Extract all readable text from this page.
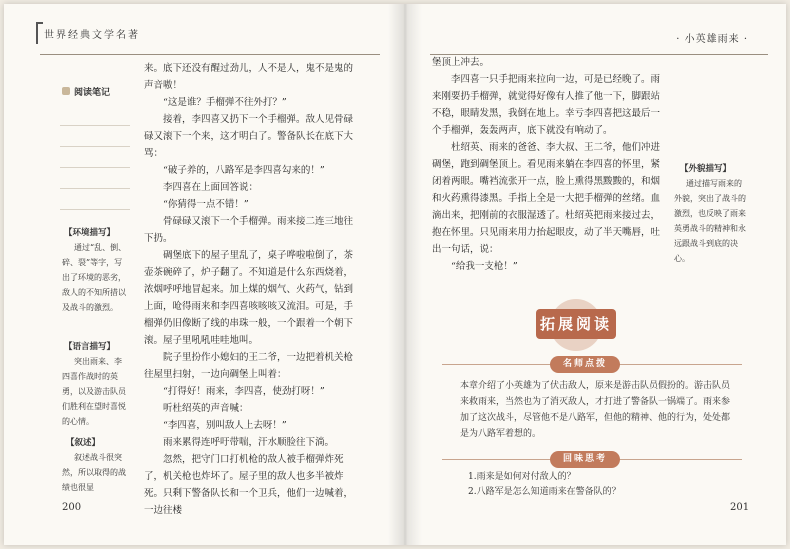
世界经典文学名著
阅读笔记
【 环境描写 】
通过“乱、倒、碎、裂”等字，写出了环境的恶劣，敌人的不知所措以及战斗的激烈。
【 语言描写 】
突出雨来、李四喜作战时的英勇，以及游击队员们胜利在望时喜悦的心情。
【 叙述 】
叙述战斗很突然，所以取得的战绩也很显

来。底下还没有醒过劲儿，人不是人，鬼不是鬼的声音嗷！

“这是谁？手榴弹不往外打？”

接着，李四喜又扔下一个手榴弹。敌人见骨碌碌又滚下一个来，这才明白了。警备队长在底下大骂：

“破子养的，八路军是李四喜勾来的！”

李四喜在上面回答说：

“你猜得一点不错！”

骨碌碌又滚下一个手榴弹。雨来接二连三地往下扔。

碉堡底下的屋子里乱了，桌子哗啦啦倒了，茶壶茶碗碎了，炉子翻了。不知道是什么东西烧着，浓烟呼呼地冒起来。加上煤的烟气、火药气，钻到上面，呛得雨来和李四喜咳咳咳又流泪。可是，手榴弹仍旧像断了线的串珠一般，一个跟着一个朝下滚。屋子里吼吼哇哇地叫。

院子里扮作小媳妇的王二爷，一边把着机关枪往屋里扫射，一边向碉堡上叫着：

“打得好！雨来，李四喜，使劲打呀！”

听杜绍英的声音喊：

“李四喜，别叫敌人上去呀！”

雨来累得连呼吁带喘，汗水顺脸往下淌。

忽然，把守门口打机枪的敌人被手榴弹炸死了，机关枪也炸坏了。屋子里的敌人也多半被炸死。只剩下警备队长和一个卫兵，他们一边喊着，一边往楼

200
· 小英雄雨来 ·

堡顶上冲去。

李四喜一只手把雨来拉向一边，可是已经晚了。雨来刚要扔手榴弹，就觉得好像有人推了他一下，脚跟站不稳，眼睛发黑，我倒在地上。幸亏李四喜把这最后一个手榴弹，轰轰两声，底下就没有响动了。

杜绍英、雨来的爸爸、李大叔、王二爷，他们冲进碉堡，跑到碉堡顶上。看见雨来躺在李四喜的怀里，紧闭着两眼。嘴裆流张开一点，脸上熏得黑黢黢的，和烟和火药熏得漆黑。手指上全是一大把手榴弹的丝绪。血滴出来，把刚前的衣服湿透了。杜绍英把雨来接过去，抱在怀里。只见雨来用力抬起眼皮，动了半天嘴唇，吐出一句话，说：

“给我一支枪！”

【 外貌描写 】
通过描写雨来的外貌，突出了战斗的激烈，也反映了雨来英勇战斗的精神和永远跟战斗到底的决心。
拓展阅读
名师点拨
本章介绍了小英雄为了伏击敌人，原来是游击队员假扮的。游击队员来救雨来，当然也为了消灭敌人，才打进了警备队一锅端了。雨来参加了这次战斗，尽管他不是八路军，但他的精神、他的行为，处处都是为八路军着想的。
回味思考
1.雨来是如何对付敌人的？
2.八路军是怎么知道雨来在警备队的？
201
